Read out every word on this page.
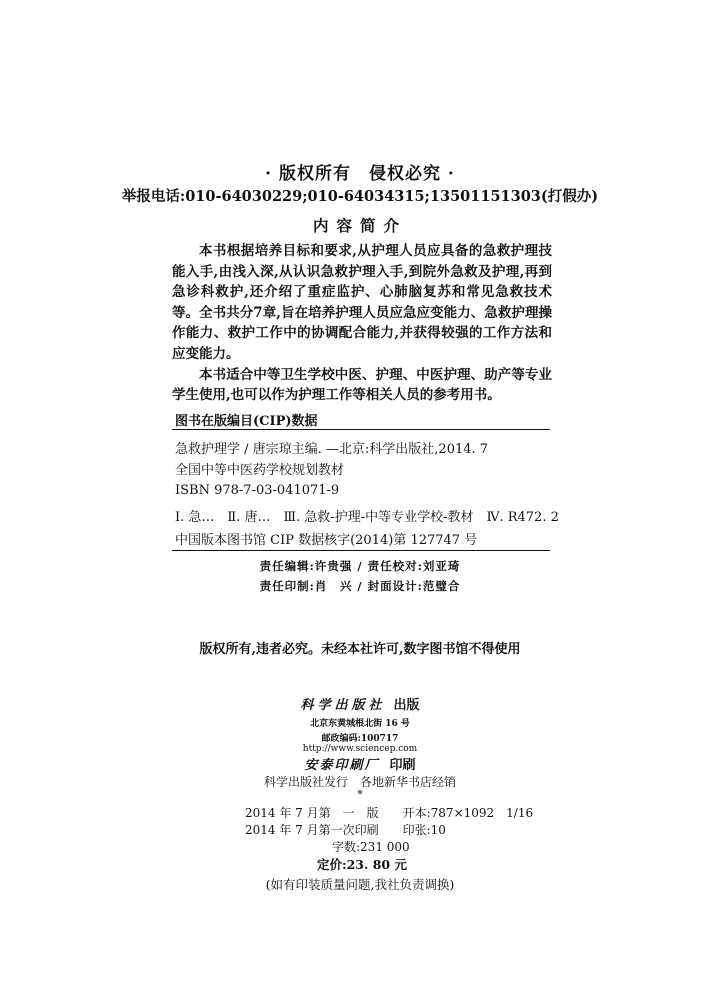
· 版权所有　侵权必究 ·
举报电话:010-64030229;010-64034315;13501151303(打假办)
内容简介

本书根据培养目标和要求,从护理人员应具备的急救护理技能入手,由浅入深,从认识急救护理入手,到院外急救及护理,再到急诊科救护,还介绍了重症监护、心肺脑复苏和常见急救技术等。全书共分7章,旨在培养护理人员应急应变能力、急救护理操作能力、救护工作中的协调配合能力,并获得较强的工作方法和应变能力。

本书适合中等卫生学校中医、护理、中医护理、助产等专业学生使用,也可以作为护理工作等相关人员的参考用书。

图书在版编目(CIP)数据
急救护理学 / 唐宗琼主编. —北京:科学出版社,2014. 7
全国中等中医药学校规划教材
ISBN 978-7-03-041071-9
Ⅰ. 急…　Ⅱ. 唐…　Ⅲ. 急救-护理-中等专业学校-教材　Ⅳ. R472. 2
中国版本图书馆 CIP 数据核字(2014)第 127747 号
责任编辑:许贵强 / 责任校对:刘亚琦
责任印制:肖　兴 / 封面设计:范璧合
版权所有,违者必究。未经本社许可,数字图书馆不得使用
科学出版社 出版
北京东黄城根北街 16 号
邮政编码:100717
http://www.sciencep.com
安泰印刷厂 印刷
科学出版社发行　各地新华书店经销
*
2014 年 7 月第　一　版　　开本:787×1092　1/16
2014 年 7 月第一次印刷　　印张:10
字数:231 000
定价:23. 80 元
(如有印装质量问题,我社负责调换)
